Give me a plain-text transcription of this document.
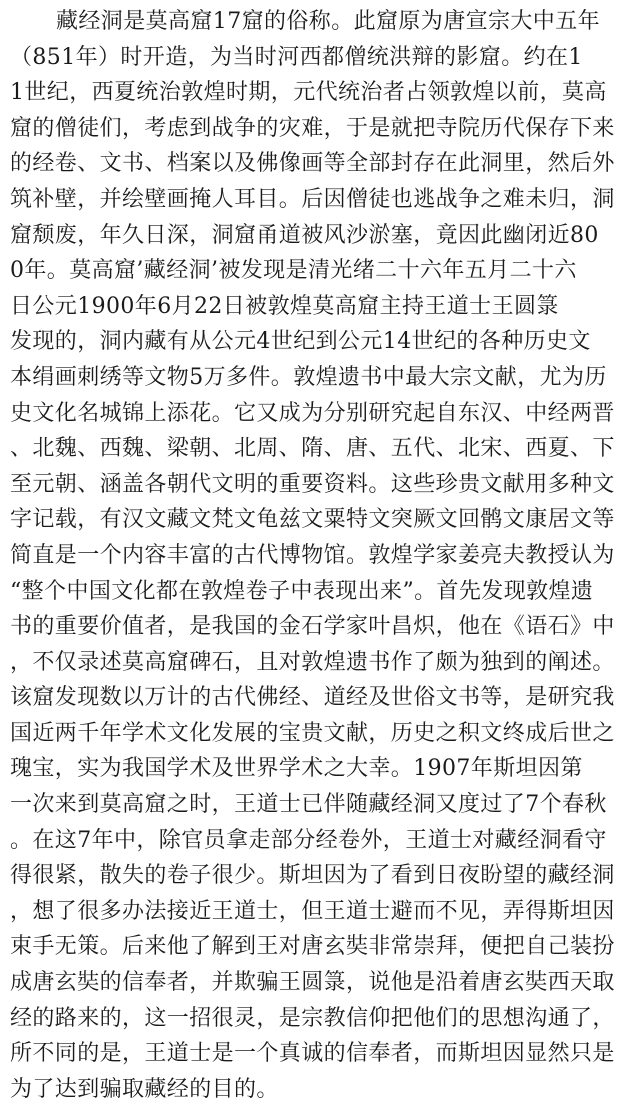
藏经洞是莫高窟17窟的俗称。此窟原为唐宣宗大中五年
（851年）时开造，为当时河西都僧统洪辩的影窟。约在1
1世纪，西夏统治敦煌时期，元代统治者占领敦煌以前，莫高
窟的僧徒们，考虑到战争的灾难，于是就把寺院历代保存下来
的经卷、文书、档案以及佛像画等全部封存在此洞里，然后外
筑补壁，并绘壁画掩人耳目。后因僧徒也逃战争之难未归，洞
窟颓废，年久日深，洞窟甬道被风沙淤塞，竟因此幽闭近80
0年。莫高窟’藏经洞’被发现是清光绪二十六年五月二十六
日公元1900年6月22日被敦煌莫高窟主持王道士王圆箓
发现的，洞内藏有从公元4世纪到公元14世纪的各种历史文
本绢画刺绣等文物5万多件。敦煌遗书中最大宗文献，尤为历
史文化名城锦上添花。它又成为分别研究起自东汉、中经两晋
、北魏、西魏、梁朝、北周、隋、唐、五代、北宋、西夏、下
至元朝、涵盖各朝代文明的重要资料。这些珍贵文献用多种文
字记载，有汉文藏文梵文龟兹文粟特文突厥文回鹘文康居文等
简直是一个内容丰富的古代博物馆。敦煌学家姜亮夫教授认为
“整个中国文化都在敦煌卷子中表现出来”。首先发现敦煌遗
书的重要价值者，是我国的金石学家叶昌炽，他在《语石》中
，不仅录述莫高窟碑石，且对敦煌遗书作了颇为独到的阐述。
该窟发现数以万计的古代佛经、道经及世俗文书等，是研究我
国近两千年学术文化发展的宝贵文献，历史之积文终成后世之
瑰宝，实为我国学术及世界学术之大幸。1907年斯坦因第
一次来到莫高窟之时，王道士已伴随藏经洞又度过了7个春秋
。在这7年中，除官员拿走部分经卷外，王道士对藏经洞看守
得很紧，散失的卷子很少。斯坦因为了看到日夜盼望的藏经洞
，想了很多办法接近王道士，但王道士避而不见，弄得斯坦因
束手无策。后来他了解到王对唐玄奘非常崇拜，便把自己装扮
成唐玄奘的信奉者，并欺骗王圆箓，说他是沿着唐玄奘西天取
经的路来的，这一招很灵，是宗教信仰把他们的思想沟通了，
所不同的是，王道士是一个真诚的信奉者，而斯坦因显然只是
为了达到骗取藏经的目的。
